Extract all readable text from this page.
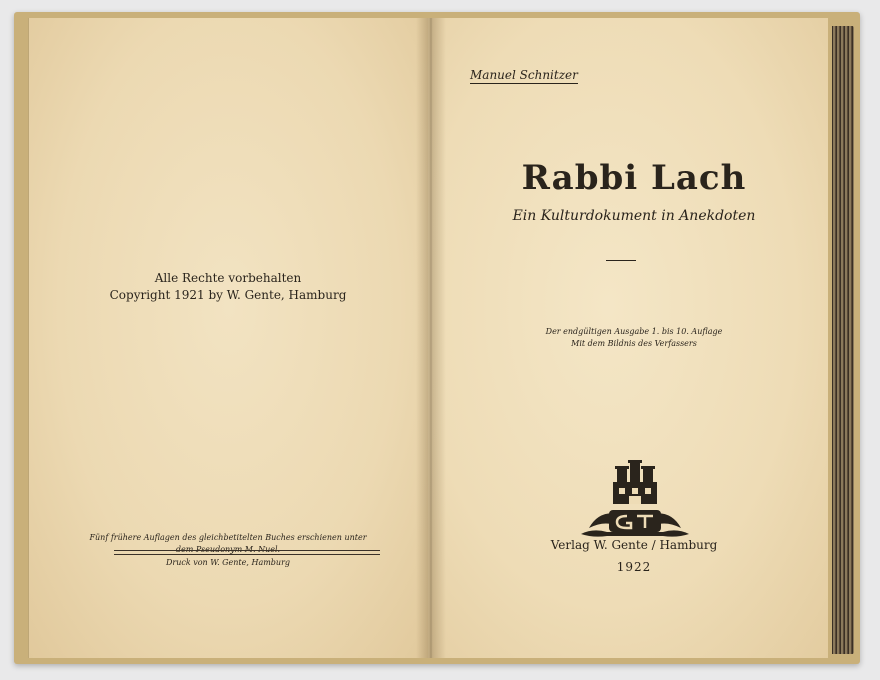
Alle Rechte vorbehalten
Copyright 1921 by W. Gente, Hamburg
Fünf frühere Auflagen des gleichbetitelten Buches erschienen unter
dem Pseudonym M. Nuel.
Druck von W. Gente, Hamburg
Manuel Schnitzer
Rabbi Lach
Ein Kulturdokument in Anekdoten
Der endgültigen Ausgabe 1. bis 10. Auflage
Mit dem Bildnis des Verfassers
Verlag W. Gente / Hamburg
1922
